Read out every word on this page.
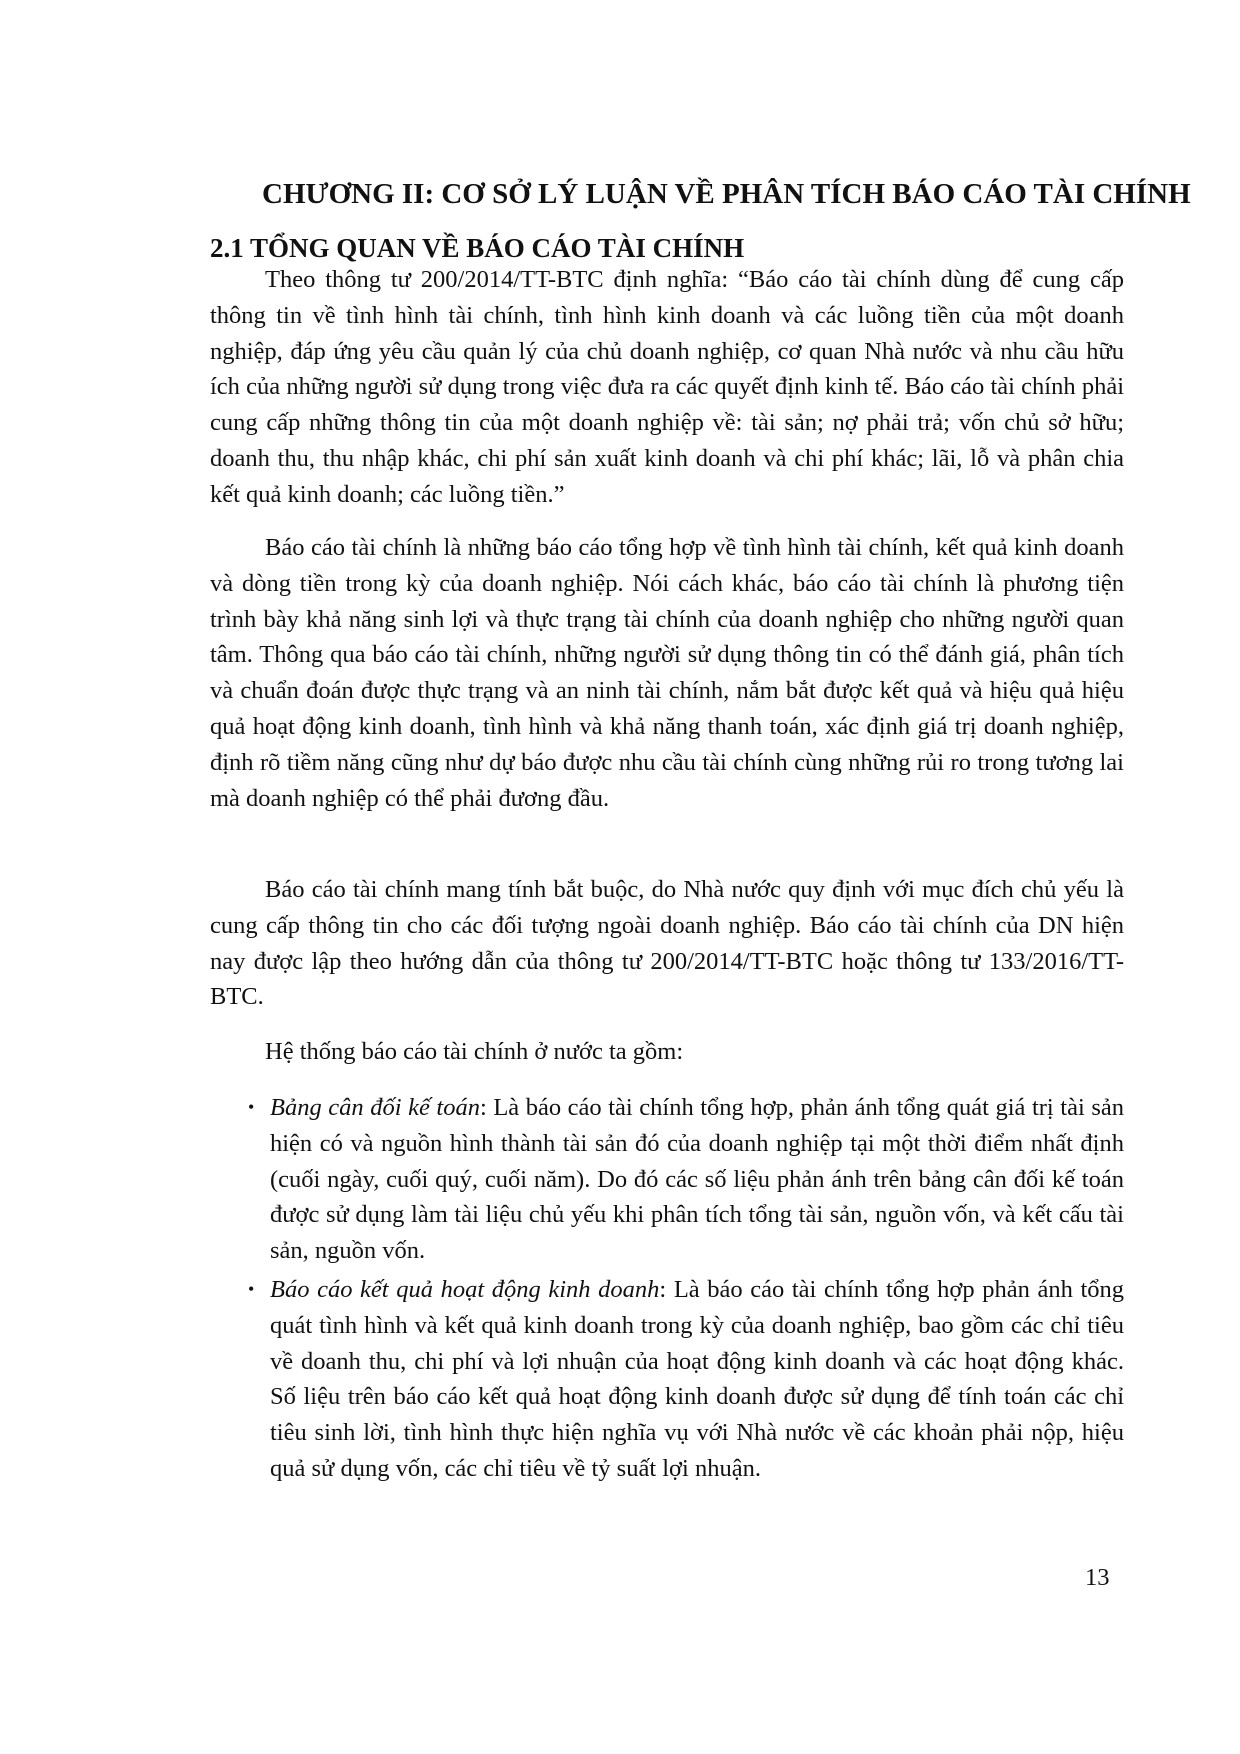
CHƯƠNG II: CƠ SỞ LÝ LUẬN VỀ PHÂN TÍCH BÁO CÁO TÀI CHÍNH
2.1 TỔNG QUAN VỀ BÁO CÁO TÀI CHÍNH

Theo thông tư 200/2014/TT-BTC định nghĩa: “Báo cáo tài chính dùng để cung cấp thông tin về tình hình tài chính, tình hình kinh doanh và các luồng tiền của một doanh nghiệp, đáp ứng yêu cầu quản lý của chủ doanh nghiệp, cơ quan Nhà nước và nhu cầu hữu ích của những người sử dụng trong việc đưa ra các quyết định kinh tế. Báo cáo tài chính phải cung cấp những thông tin của một doanh nghiệp về: tài sản; nợ phải trả; vốn chủ sở hữu; doanh thu, thu nhập khác, chi phí sản xuất kinh doanh và chi phí khác; lãi, lỗ và phân chia kết quả kinh doanh; các luồng tiền.”

Báo cáo tài chính là những báo cáo tổng hợp về tình hình tài chính, kết quả kinh doanh và dòng tiền trong kỳ của doanh nghiệp. Nói cách khác, báo cáo tài chính là phương tiện trình bày khả năng sinh lợi và thực trạng tài chính của doanh nghiệp cho những người quan tâm. Thông qua báo cáo tài chính, những người sử dụng thông tin có thể đánh giá, phân tích và chuẩn đoán được thực trạng và an ninh tài chính, nắm bắt được kết quả và hiệu quả hiệu quả hoạt động kinh doanh, tình hình và khả năng thanh toán, xác định giá trị doanh nghiệp, định rõ tiềm năng cũng như dự báo được nhu cầu tài chính cùng những rủi ro trong tương lai mà doanh nghiệp có thể phải đương đầu.

Báo cáo tài chính mang tính bắt buộc, do Nhà nước quy định với mục đích chủ yếu là cung cấp thông tin cho các đối tượng ngoài doanh nghiệp. Báo cáo tài chính của DN hiện nay được lập theo hướng dẫn của thông tư 200/2014/TT-BTC hoặc thông tư 133/2016/TT-BTC.

Hệ thống báo cáo tài chính ở nước ta gồm:

• Bảng cân đối kế toán: Là báo cáo tài chính tổng hợp, phản ánh tổng quát giá trị tài sản hiện có và nguồn hình thành tài sản đó của doanh nghiệp tại một thời điểm nhất định (cuối ngày, cuối quý, cuối năm). Do đó các số liệu phản ánh trên bảng cân đối kế toán được sử dụng làm tài liệu chủ yếu khi phân tích tổng tài sản, nguồn vốn, và kết cấu tài sản, nguồn vốn.
• Báo cáo kết quả hoạt động kinh doanh: Là báo cáo tài chính tổng hợp phản ánh tổng quát tình hình và kết quả kinh doanh trong kỳ của doanh nghiệp, bao gồm các chỉ tiêu về doanh thu, chi phí và lợi nhuận của hoạt động kinh doanh và các hoạt động khác. Số liệu trên báo cáo kết quả hoạt động kinh doanh được sử dụng để tính toán các chỉ tiêu sinh lời, tình hình thực hiện nghĩa vụ với Nhà nước về các khoản phải nộp, hiệu quả sử dụng vốn, các chỉ tiêu về tỷ suất lợi nhuận.
13
